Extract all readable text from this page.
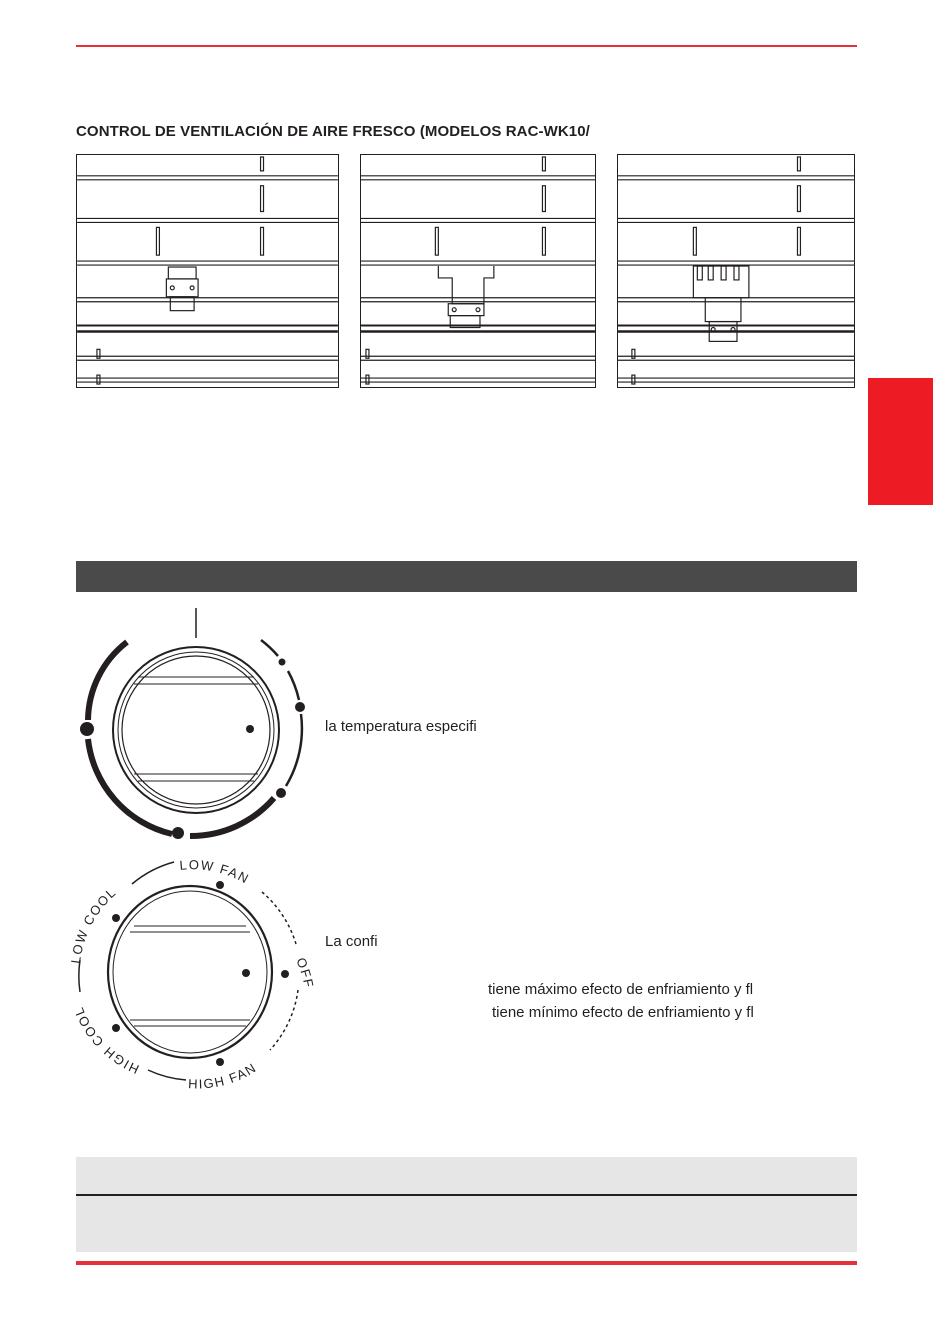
CONTROL DE VENTILACIÓN DE AIRE FRESCO (MODELOS RAC-WK10/

la temperatura especifi

LOW FAN
OW COOL
HIGH COOL
HIGH FAN
OF

La confi

tiene máximo efecto de enfriamiento y fl

tiene mínimo efecto de enfriamiento y fl
